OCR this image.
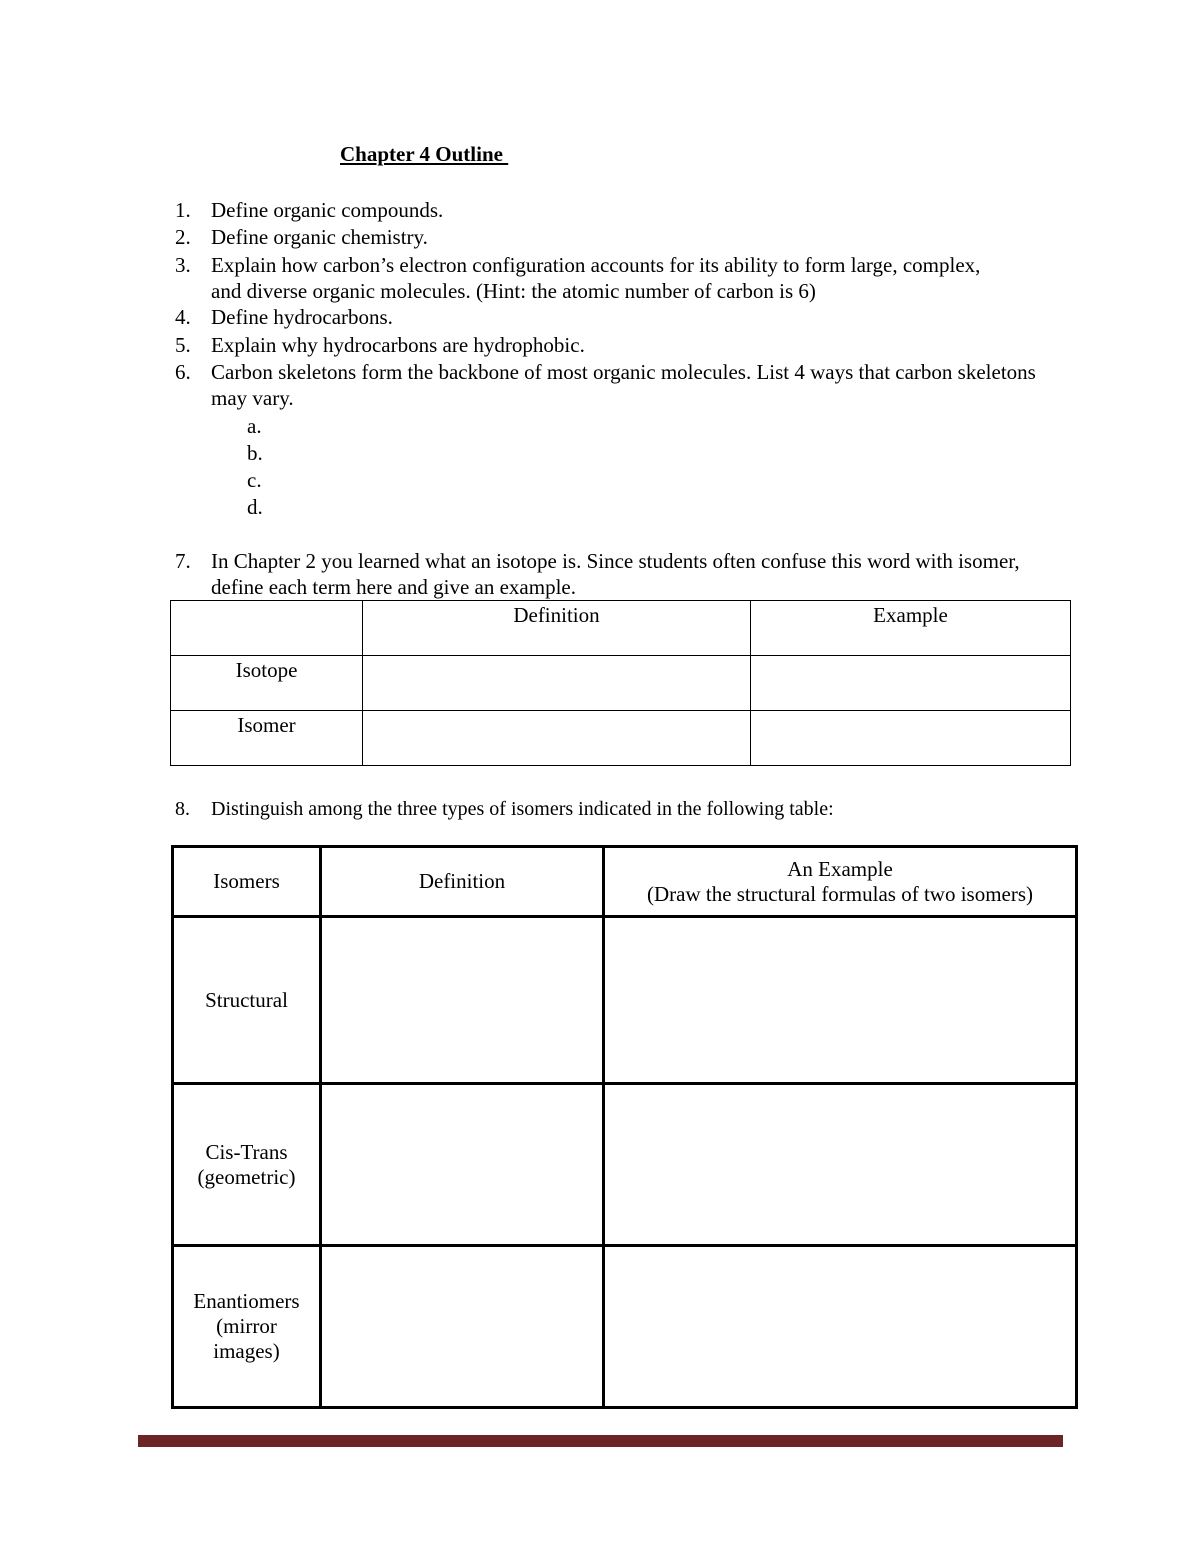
Chapter 4 Outline
1. Define organic compounds.
2. Define organic chemistry.
3. Explain how carbon’s electron configuration accounts for its ability to form large, complex, and diverse organic molecules. (Hint: the atomic number of carbon is 6)
4. Define hydrocarbons.
5. Explain why hydrocarbons are hydrophobic.
6. Carbon skeletons form the backbone of most organic molecules. List 4 ways that carbon skeletons may vary.
a.
b.
c.
d.
7. In Chapter 2 you learned what an isotope is. Since students often confuse this word with isomer, define each term here and give an example.
	Definition	Example
Isotope		
Isomer		
8. Distinguish among the three types of isomers indicated in the following table:
Isomers	Definition	An Example
(Draw the structural formulas of two isomers)

Structural		

Cis-Trans
(geometric)		

Enantiomers
(mirror
images)		
